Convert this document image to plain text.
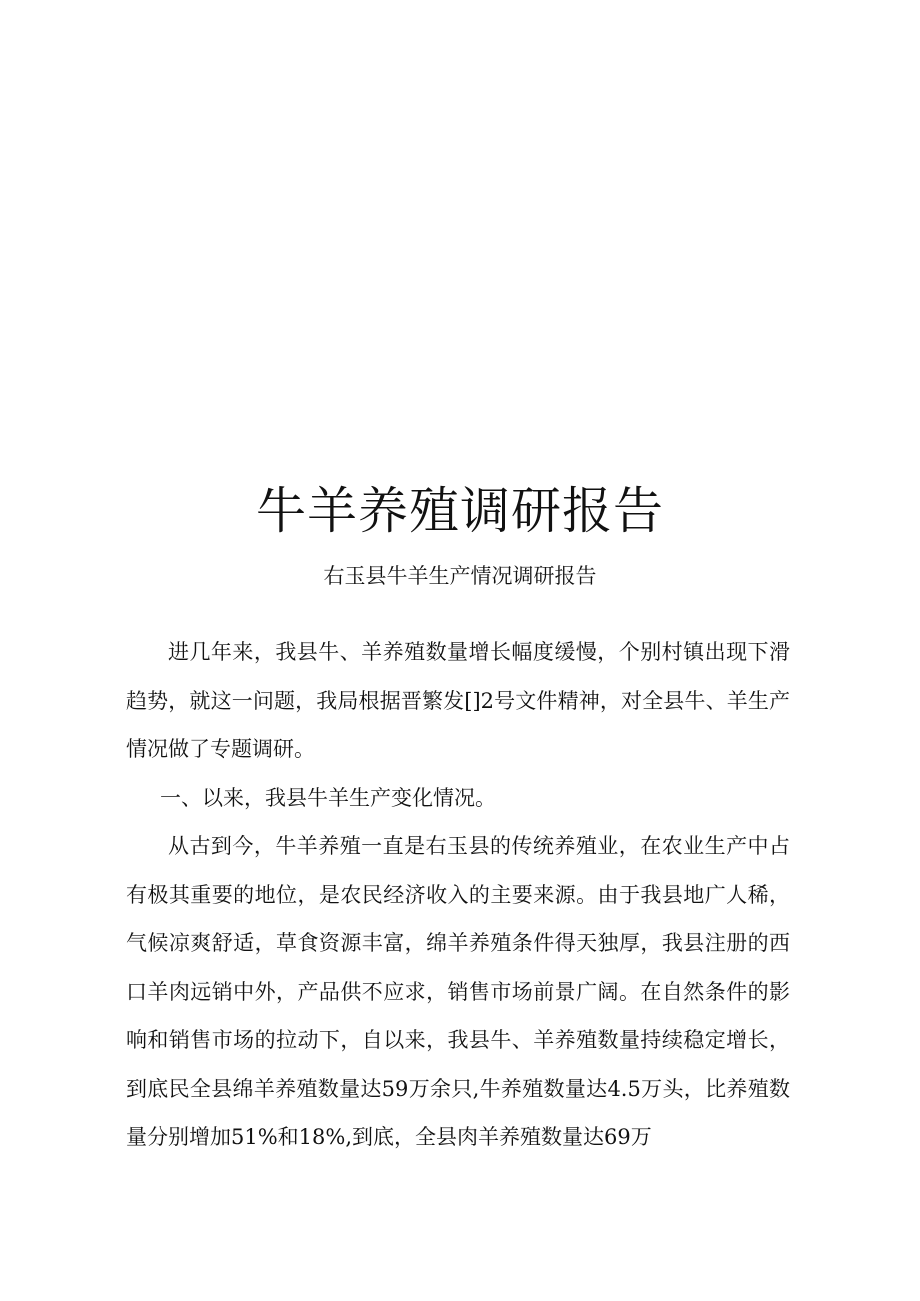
牛羊养殖调研报告
右玉县牛羊生产情况调研报告

进几年来，我县牛、羊养殖数量增长幅度缓慢，个别村镇出现下滑趋势，就这一问题，我局根据晋繁发[]2号文件精神，对全县牛、羊生产情况做了专题调研。

一、以来，我县牛羊生产变化情况。

从古到今，牛羊养殖一直是右玉县的传统养殖业，在农业生产中占有极其重要的地位，是农民经济收入的主要来源。由于我县地广人稀，气候凉爽舒适，草食资源丰富，绵羊养殖条件得天独厚，我县注册的西口羊肉远销中外，产品供不应求，销售市场前景广阔。在自然条件的影响和销售市场的拉动下，自以来，我县牛、羊养殖数量持续稳定增长，到底民全县绵羊养殖数量达59万余只,牛养殖数量达4.5万头，比养殖数量分别增加51%和18%,到底，全县肉羊养殖数量达69万
